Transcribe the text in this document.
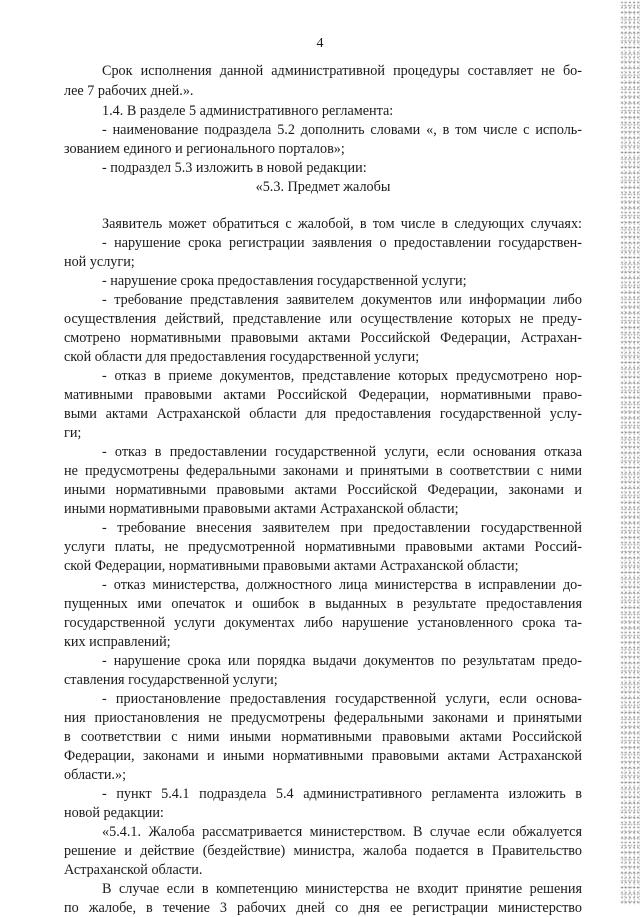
4
Срок исполнения данной административной процедуры составляет не бо-
лее 7 рабочих дней.».
1.4. В разделе 5 административного регламента:
- наименование подраздела 5.2 дополнить словами «, в том числе с исполь-
зованием единого и регионального порталов»;
- подраздел 5.3 изложить в новой редакции:
«5.3. Предмет жалобы
Заявитель может обратиться с жалобой, в том числе в следующих случаях:
- нарушение срока регистрации заявления о предоставлении государствен-
ной услуги;
- нарушение срока предоставления государственной услуги;
- требование представления заявителем документов или информации либо
осуществления действий, представление или осуществление которых не преду-
смотрено нормативными правовыми актами Российской Федерации, Астрахан-
ской области для предоставления государственной услуги;
- отказ в приеме документов, представление которых предусмотрено нор-
мативными правовыми актами Российской Федерации, нормативными право-
выми актами Астраханской области для предоставления государственной услу-
ги;
- отказ в предоставлении государственной услуги, если основания отказа
не предусмотрены федеральными законами и принятыми в соответствии с ними
иными нормативными правовыми актами Российской Федерации, законами и
иными нормативными правовыми актами Астраханской области;
- требование внесения заявителем при предоставлении государственной
услуги платы, не предусмотренной нормативными правовыми актами Россий-
ской Федерации, нормативными правовыми актами Астраханской области;
- отказ министерства, должностного лица министерства в исправлении до-
пущенных ими опечаток и ошибок в выданных в результате предоставления
государственной услуги документах либо нарушение установленного срока та-
ких исправлений;
- нарушение срока или порядка выдачи документов по результатам предо-
ставления государственной услуги;
- приостановление предоставления государственной услуги, если основа-
ния приостановления не предусмотрены федеральными законами и принятыми
в соответствии с ними иными нормативными правовыми актами Российской
Федерации, законами и иными нормативными правовыми актами Астраханской
области.»;
- пункт 5.4.1 подраздела 5.4 административного регламента изложить в
новой редакции:
«5.4.1. Жалоба рассматривается министерством. В случае если обжалуется
решение и действие (бездействие) министра, жалоба подается в Правительство
Астраханской области.
В случае если в компетенцию министерства не входит принятие решения
по жалобе, в течение 3 рабочих дней со дня ее регистрации министерство
